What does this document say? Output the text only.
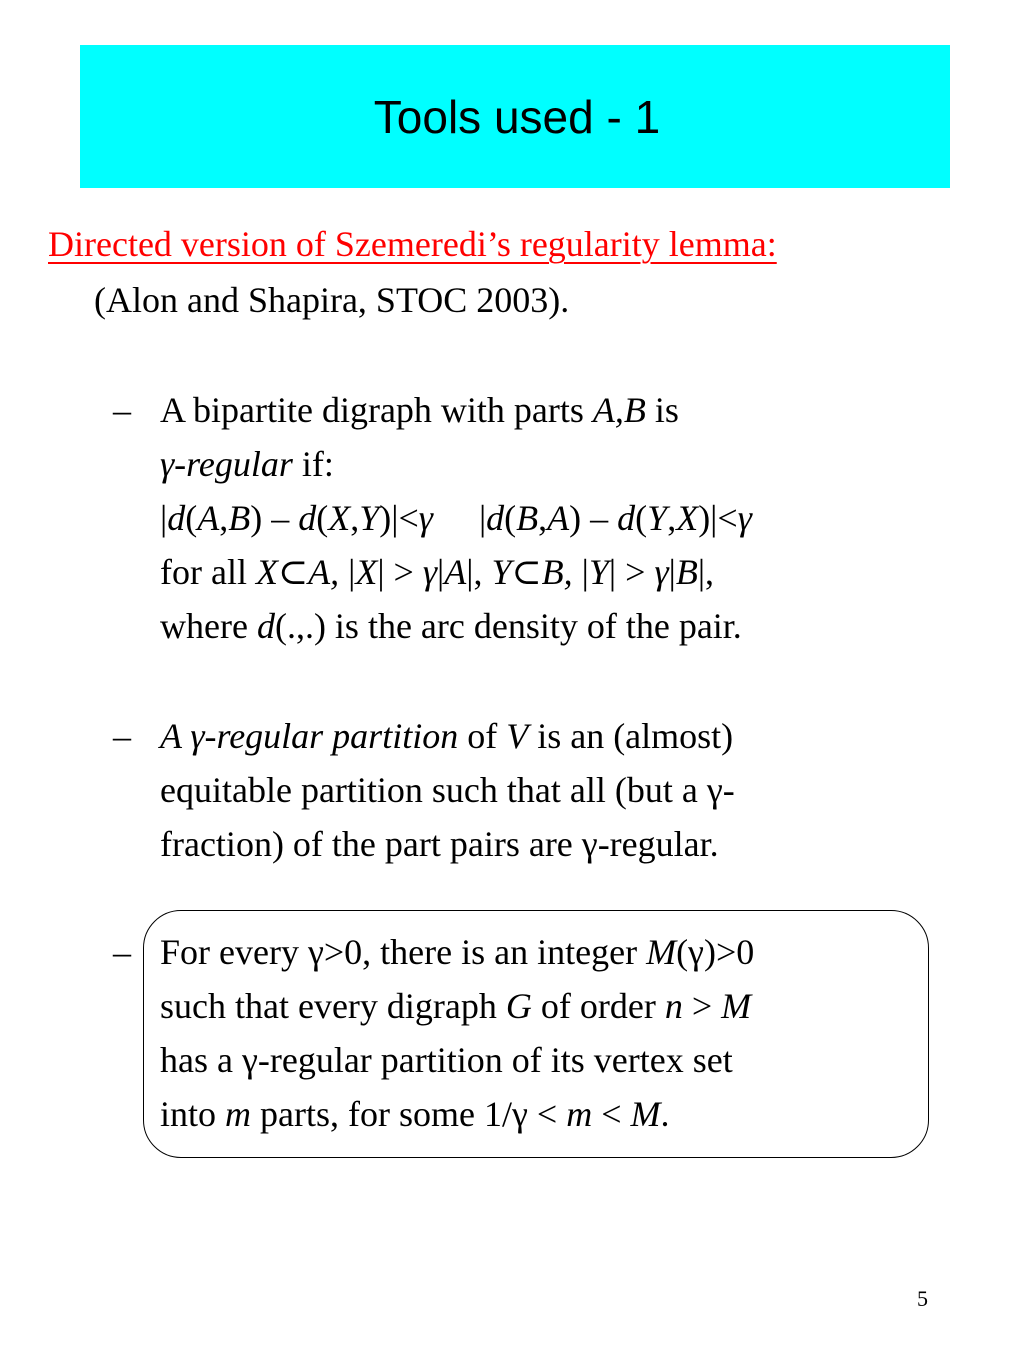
Tools used - 1
Directed version of Szemeredi’s regularity lemma:
(Alon and Shapira, STOC 2003).
– A bipartite digraph with parts A,B is
γ-regular if:
|d(A,B) – d(X,Y)|<γ |d(B,A) – d(Y,X)|<γ
for all X⊂A, |X| > γ|A|, Y⊂B, |Y| > γ|B|,
where d(.,.) is the arc density of the pair.
– A γ-regular partition of V is an (almost)
equitable partition such that all (but a γ-
fraction) of the part pairs are γ-regular.
– For every γ>0, there is an integer M(γ)>0
such that every digraph G of order n > M
has a γ-regular partition of its vertex set
into m parts, for some 1/γ < m < M.
5
